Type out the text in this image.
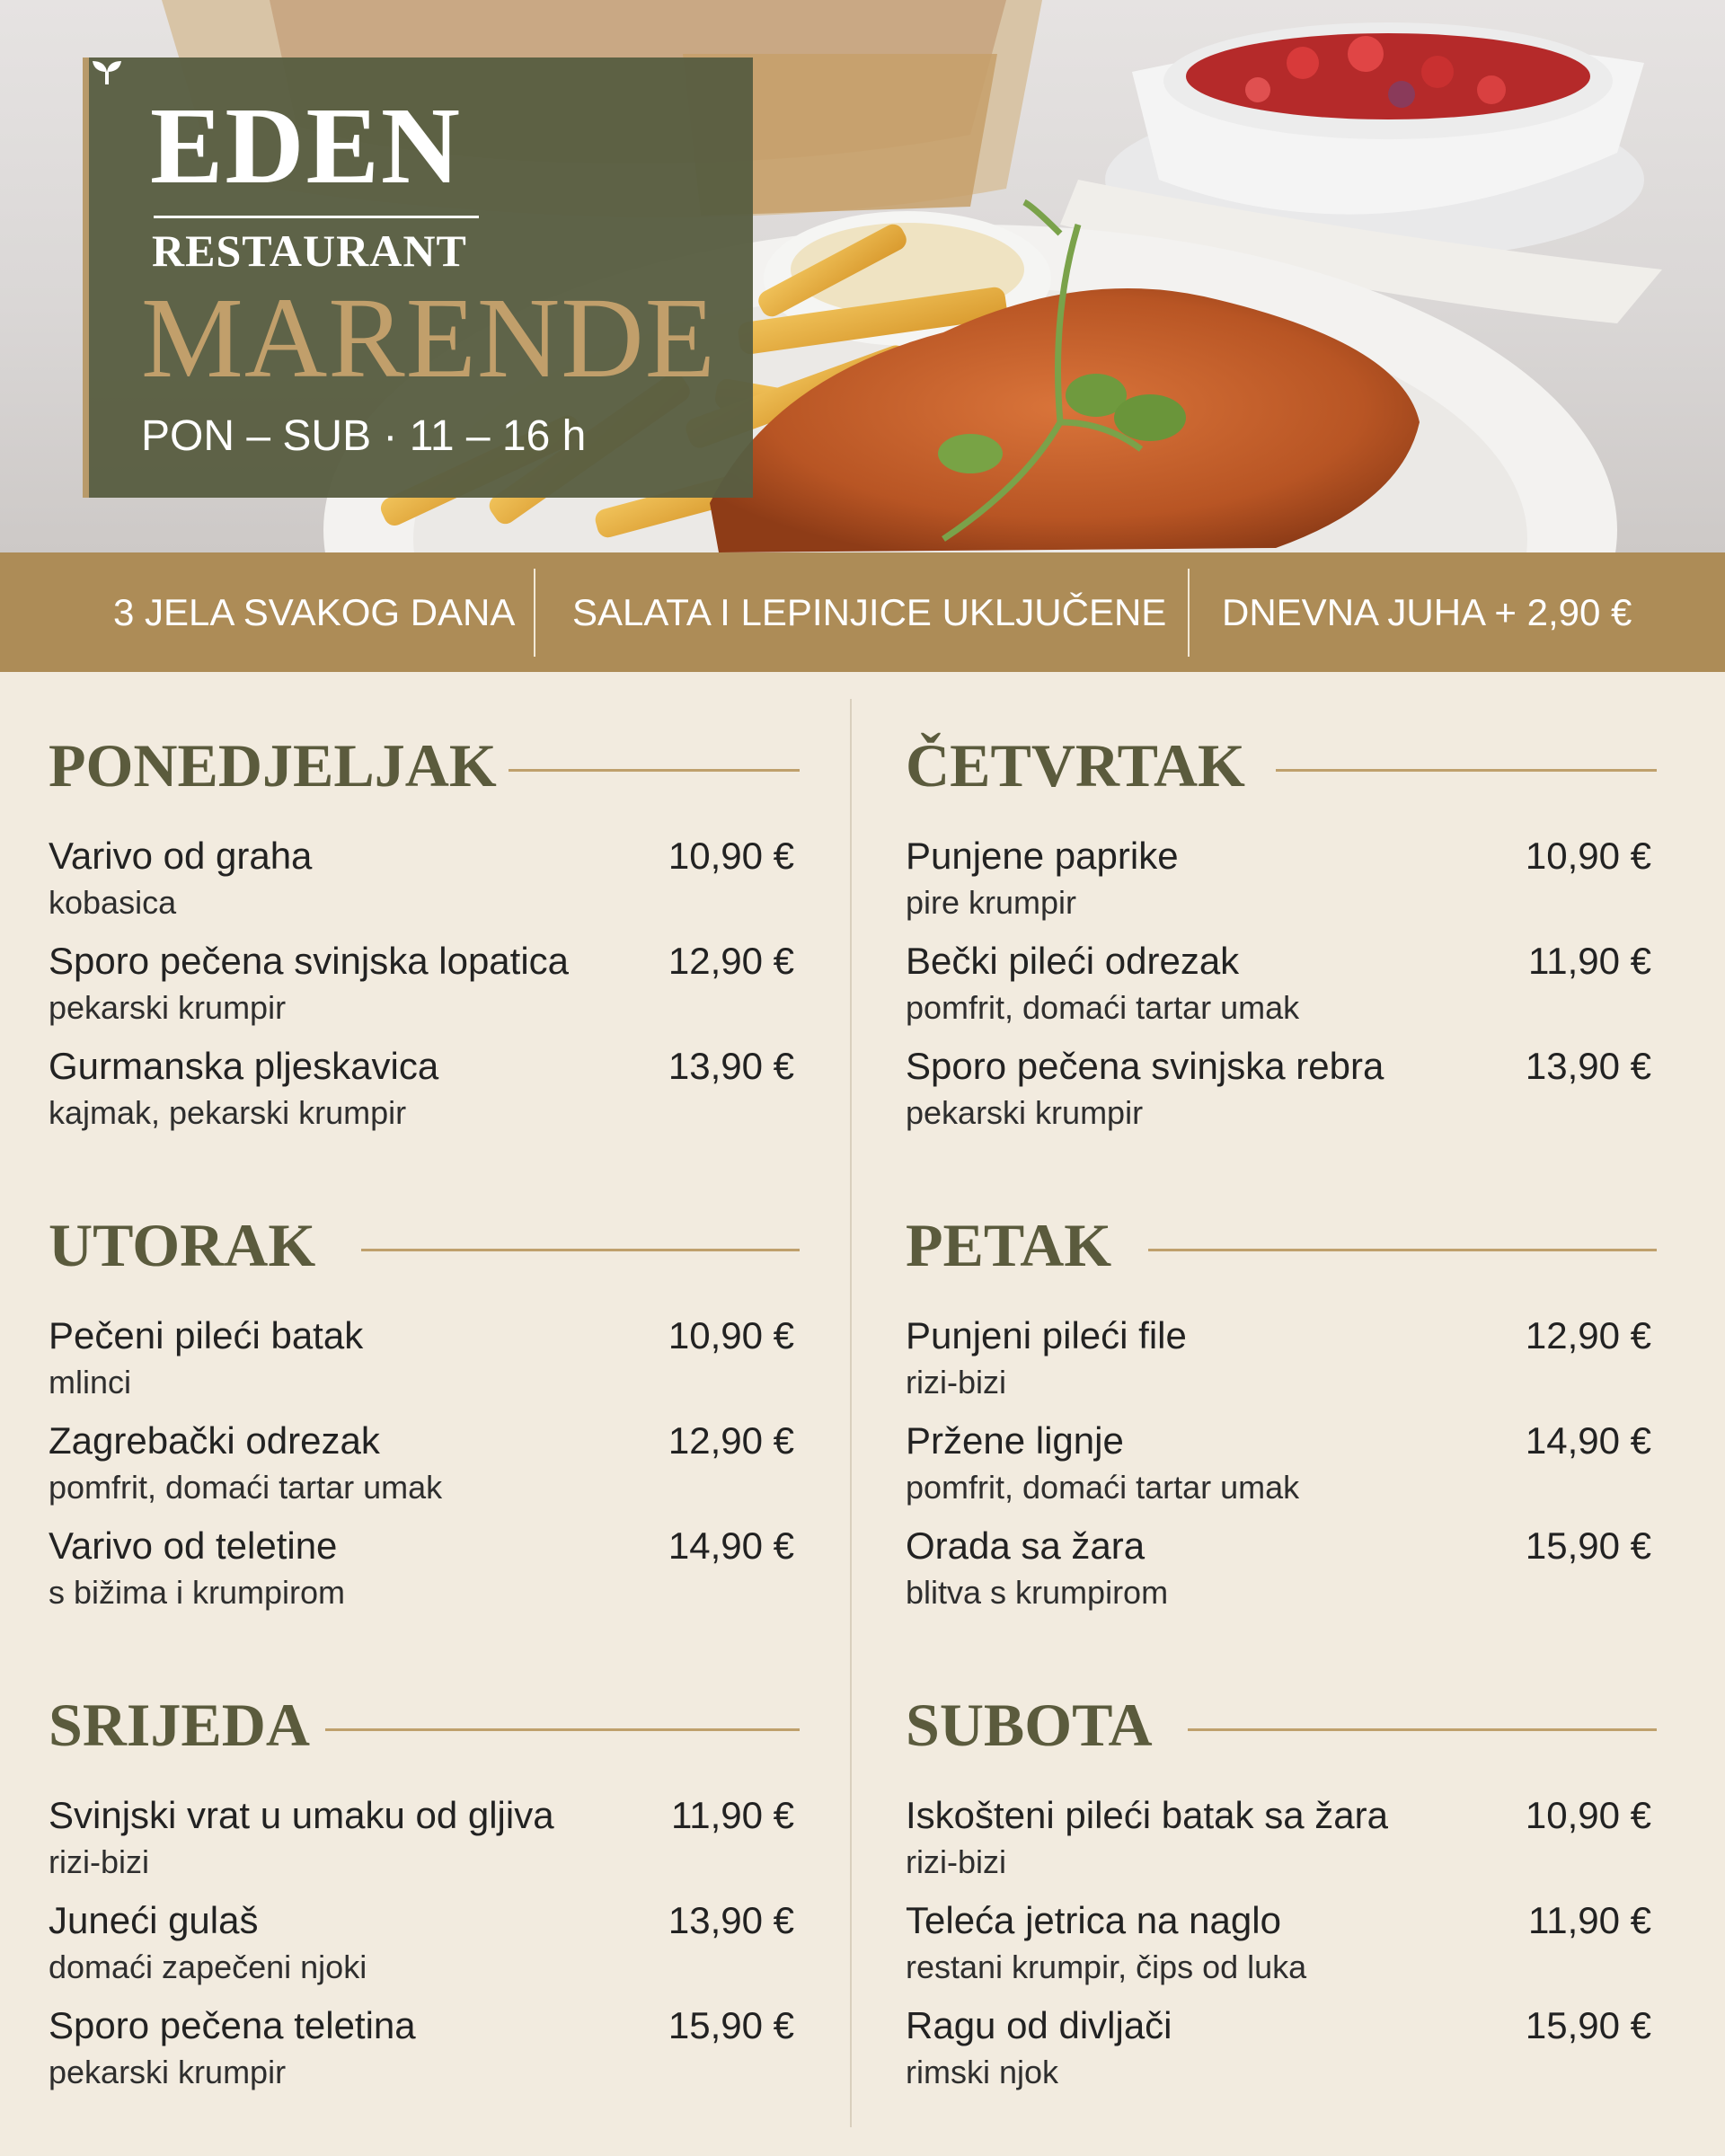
EDEN
RESTAURANT
MARENDE
PON – SUB · 11 – 16 h
3 JELA SVAKOG DANA SALATA I LEPINJICE UKLJUČENE DNEVNA JUHA + 2,90 €
PONEDJELJAK
Varivo od graha
kobasica
10,90 €
Sporo pečena svinjska lopatica
pekarski krumpir
12,90 €
Gurmanska pljeskavica
kajmak, pekarski krumpir
13,90 €
UTORAK
Pečeni pileći batak
mlinci
10,90 €
Zagrebački odrezak
pomfrit, domaći tartar umak
12,90 €
Varivo od teletine
s bižima i krumpirom
14,90 €
SRIJEDA
Svinjski vrat u umaku od gljiva
rizi-bizi
11,90 €
Juneći gulaš
domaći zapečeni njoki
13,90 €
Sporo pečena teletina
pekarski krumpir
15,90 €
ČETVRTAK
Punjene paprike
pire krumpir
10,90 €
Bečki pileći odrezak
pomfrit, domaći tartar umak
11,90 €
Sporo pečena svinjska rebra
pekarski krumpir
13,90 €
PETAK
Punjeni pileći file
rizi-bizi
12,90 €
Pržene lignje
pomfrit, domaći tartar umak
14,90 €
Orada sa žara
blitva s krumpirom
15,90 €
SUBOTA
Iskošteni pileći batak sa žara
rizi-bizi
10,90 €
Teleća jetrica na naglo
restani krumpir, čips od luka
11,90 €
Ragu od divljači
rimski njok
15,90 €
